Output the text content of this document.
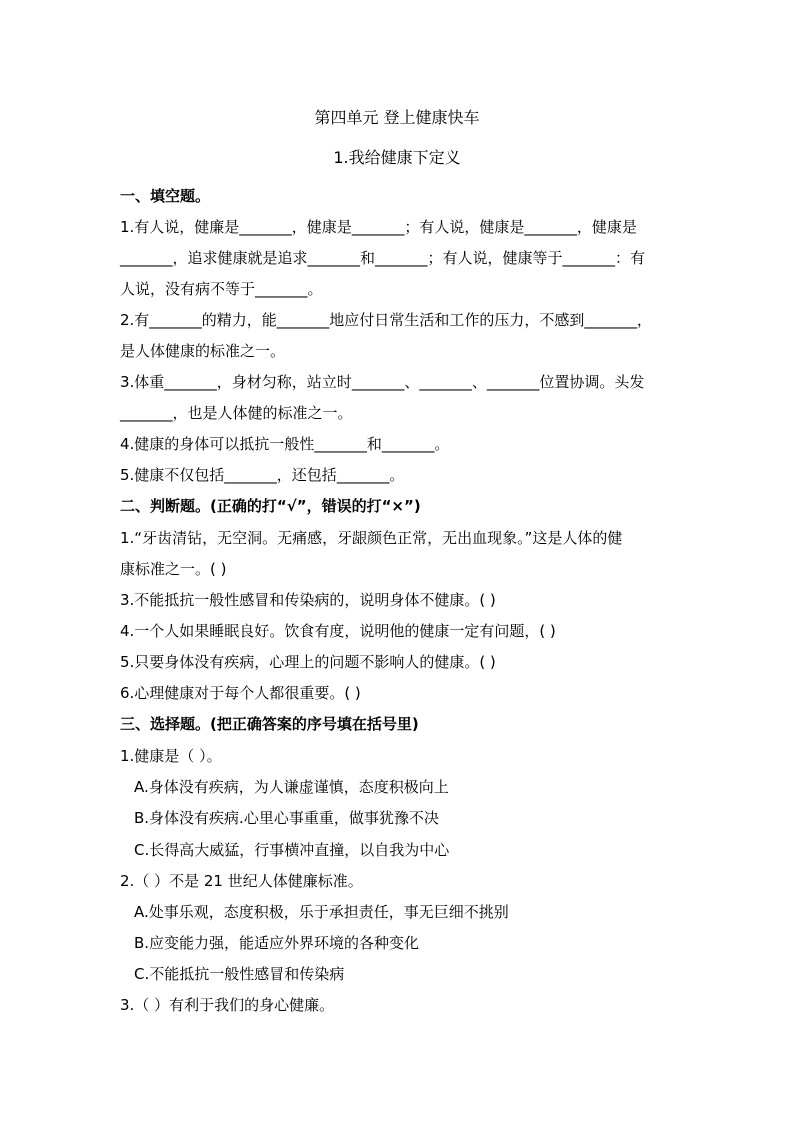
第四单元 登上健康快车
1.我给健康下定义
一、填空题。
1.有人说，健廉是_______，健康是_______；有人说，健康是_______，健康是
_______，追求健康就是追求_______和_______；有人说，健康等于_______：有
人说，没有病不等于_______。
2.有_______的精力，能_______地应付日常生活和工作的压力，不感到_______，
是人体健康的标准之一。
3.体重_______，身材匀称，站立时_______、_______、_______位置协调。头发
_______，也是人体健的标准之一。
4.健康的身体可以抵抗一般性_______和_______。
5.健康不仅包括_______，还包括_______。
二、判断题。(正确的打“√”，错误的打“×”)
1.“牙齿清钻，无空洞。无痛感，牙龈颜色正常，无出血现象。”这是人体的健
康标准之一。( )
3.不能抵抗一般性感冒和传染病的，说明身体不健康。( )
4.一个人如果睡眠良好。饮食有度，说明他的健康一定有问题，( )
5.只要身体没有疾病，心理上的问题不影响人的健康。( )
6.心理健康对于每个人都很重要。( )
三、选择题。(把正确答案的序号填在括号里)
1.健康是（ ）。
A.身体没有疾病，为人谦虚谨慎，态度积极向上
B.身体没有疾病.心里心事重重，做事犹豫不决
C.长得高大威猛，行事横冲直撞，以自我为中心
2.（ ）不是 21 世纪人体健廉标准。
A.处事乐观，态度积极，乐于承担责任，事无巨细不挑别
B.应变能力强，能适应外界环境的各种变化
C.不能抵抗一般性感冒和传染病
3.（ ）有利于我们的身心健廉。
